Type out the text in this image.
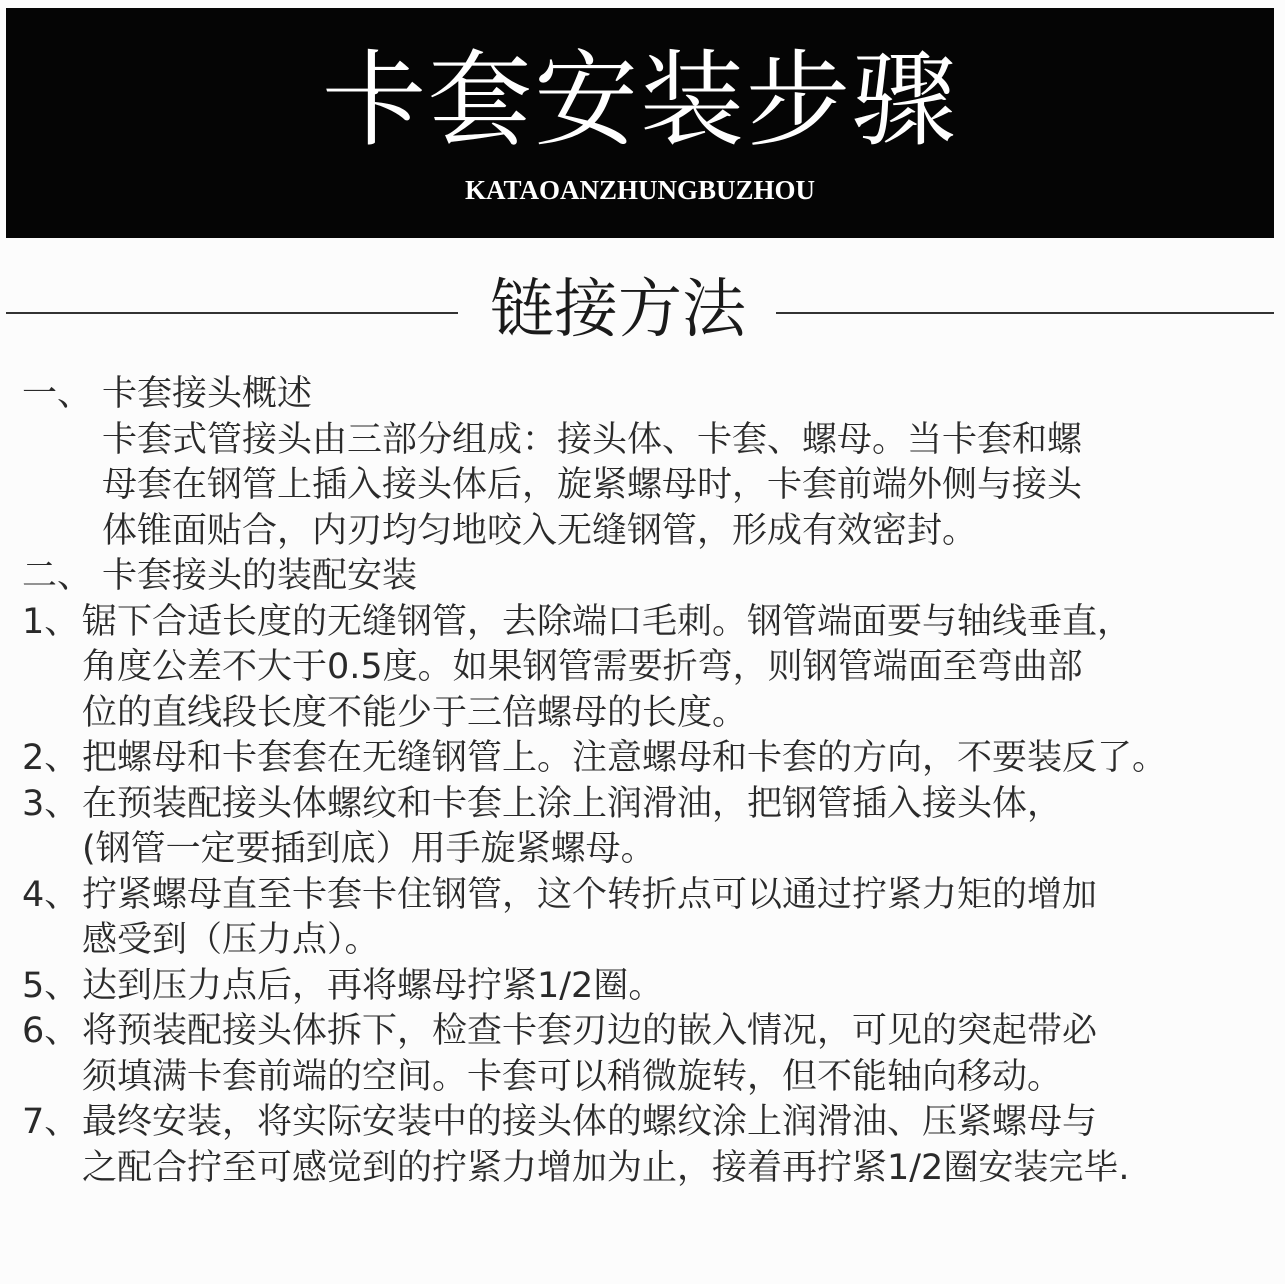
卡套安装步骤
KATAOANZHUNGBUZHOU
链接方法
一、 卡套接头概述
卡套式管接头由三部分组成：接头体、卡套、螺母。当卡套和螺
母套在钢管上插入接头体后，旋紧螺母时，卡套前端外侧与接头
体锥面贴合，内刃均匀地咬入无缝钢管，形成有效密封。
二、 卡套接头的装配安装
1、锯下合适长度的无缝钢管，去除端口毛刺。钢管端面要与轴线垂直，
角度公差不大于0.5度。如果钢管需要折弯，则钢管端面至弯曲部
位的直线段长度不能少于三倍螺母的长度。
2、把螺母和卡套套在无缝钢管上。注意螺母和卡套的方向，不要装反了。
3、在预装配接头体螺纹和卡套上涂上润滑油，把钢管插入接头体，
(钢管一定要插到底）用手旋紧螺母。
4、拧紧螺母直至卡套卡住钢管，这个转折点可以通过拧紧力矩的增加
感受到（压力点）。
5、达到压力点后，再将螺母拧紧1/2圈。
6、将预装配接头体拆下，检查卡套刃边的嵌入情况，可见的突起带必
须填满卡套前端的空间。卡套可以稍微旋转，但不能轴向移动。
7、最终安装，将实际安装中的接头体的螺纹涂上润滑油、压紧螺母与
之配合拧至可感觉到的拧紧力增加为止，接着再拧紧1/2圈安装完毕.
